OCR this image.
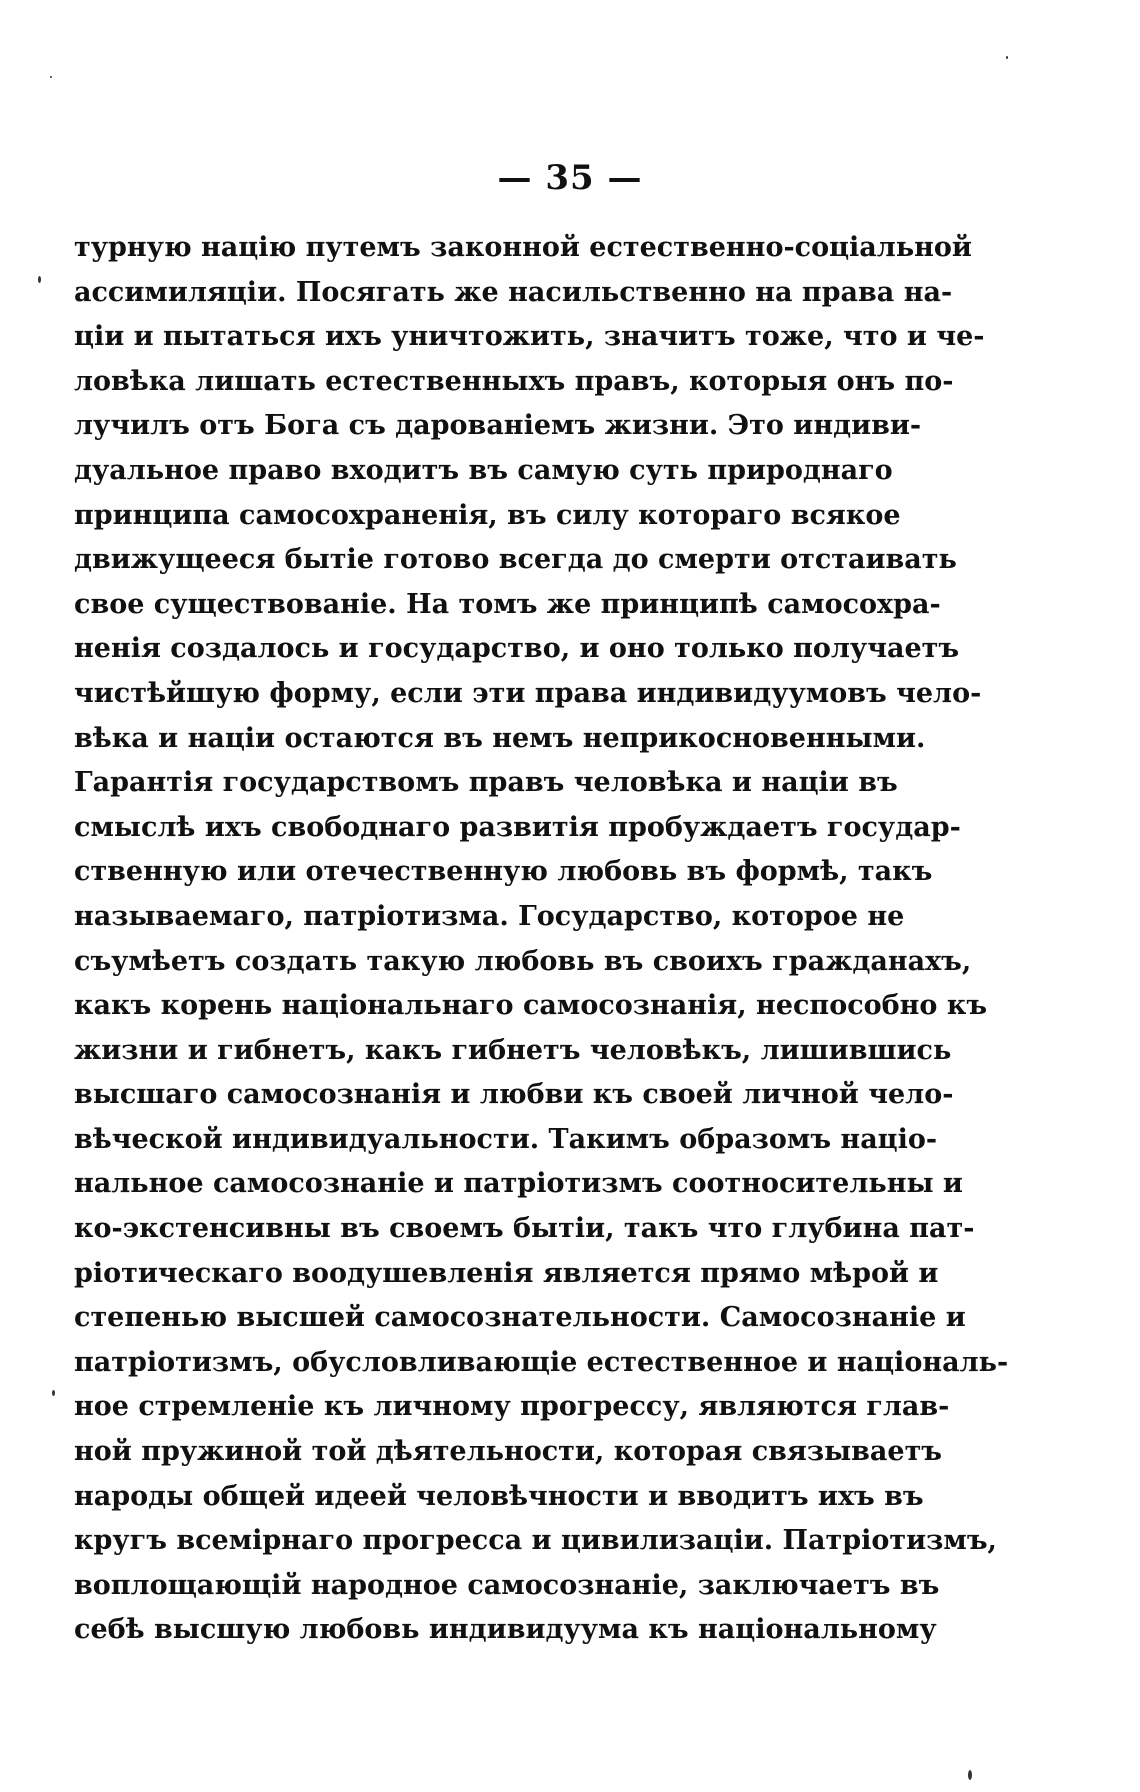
— 35 —
турную націю путемъ законной естественно-соціальной
ассимиляціи. Посягать же насильственно на права на-
ціи и пытаться ихъ уничтожить, значитъ тоже, что и че-
ловѣка лишать естественныхъ правъ, которыя онъ по-
лучилъ отъ Бога съ дарованіемъ жизни. Это индиви-
дуальное право входитъ въ самую суть природнаго
принципа самосохраненія, въ силу котораго всякое
движущееся бытіе готово всегда до смерти отстаивать
свое существованіе. На томъ же принципѣ самосохра-
ненія создалось и государство, и оно только получаетъ
чистѣйшую форму, если эти права индивидуумовъ чело-
вѣка и націи остаются въ немъ неприкосновенными.
Гарантія государствомъ правъ человѣка и націи въ
смыслѣ ихъ свободнаго развитія пробуждаетъ государ-
ственную или отечественную любовь въ формѣ, такъ
называемаго, патріотизма. Государство, которое не
съумѣетъ создать такую любовь въ своихъ гражданахъ,
какъ корень національнаго самосознанія, неспособно къ
жизни и гибнетъ, какъ гибнетъ человѣкъ, лишившись
высшаго самосознанія и любви къ своей личной чело-
вѣческой индивидуальности. Такимъ образомъ націо-
нальное самосознаніе и патріотизмъ соотносительны и
ко-экстенсивны въ своемъ бытіи, такъ что глубина пат-
ріотическаго воодушевленія является прямо мѣрой и
степенью высшей самосознательности. Самосознаніе и
патріотизмъ, обусловливающіе естественное и національ-
ное стремленіе къ личному прогрессу, являются глав-
ной пружиной той дѣятельности, которая связываетъ
народы общей идеей человѣчности и вводитъ ихъ въ
кругъ всемірнаго прогресса и цивилизаціи. Патріотизмъ,
воплощающій народное самосознаніе, заключаетъ въ
себѣ высшую любовь индивидуума къ національному
